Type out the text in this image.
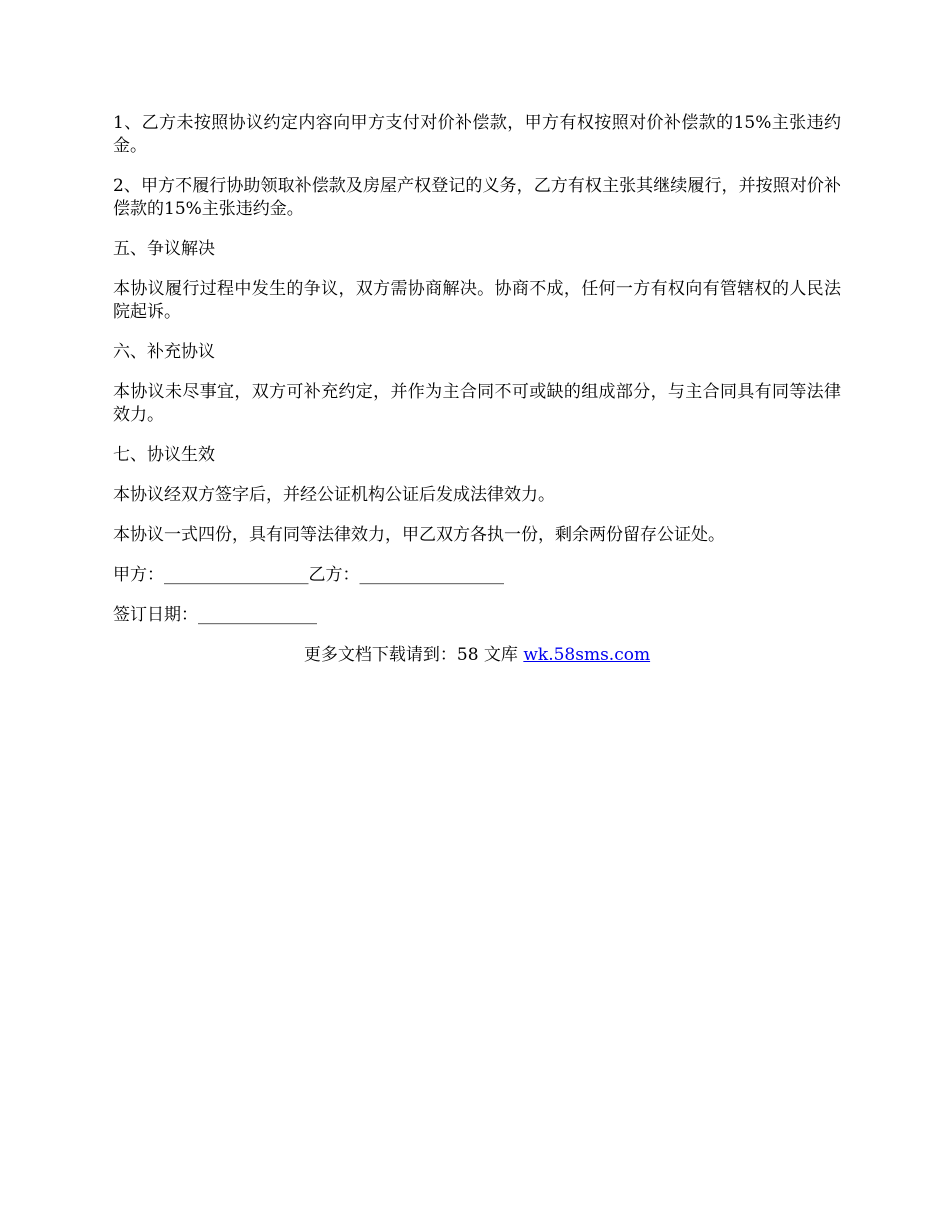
1、乙方未按照协议约定内容向甲方支付对价补偿款，甲方有权按照对价补偿款的15%主张违约金。

2、甲方不履行协助领取补偿款及房屋产权登记的义务，乙方有权主张其继续履行，并按照对价补偿款的15%主张违约金。

五、争议解决

本协议履行过程中发生的争议，双方需协商解决。协商不成，任何一方有权向有管辖权的人民法院起诉。

六、补充协议

本协议未尽事宜，双方可补充约定，并作为主合同不可或缺的组成部分，与主合同具有同等法律效力。

七、协议生效

本协议经双方签字后，并经公证机构公证后发成法律效力。

本协议一式四份，具有同等法律效力，甲乙双方各执一份，剩余两份留存公证处。

甲方：_________________乙方：_________________

签订日期：______________

更多文档下载请到：58 文库 wk.58sms.com
